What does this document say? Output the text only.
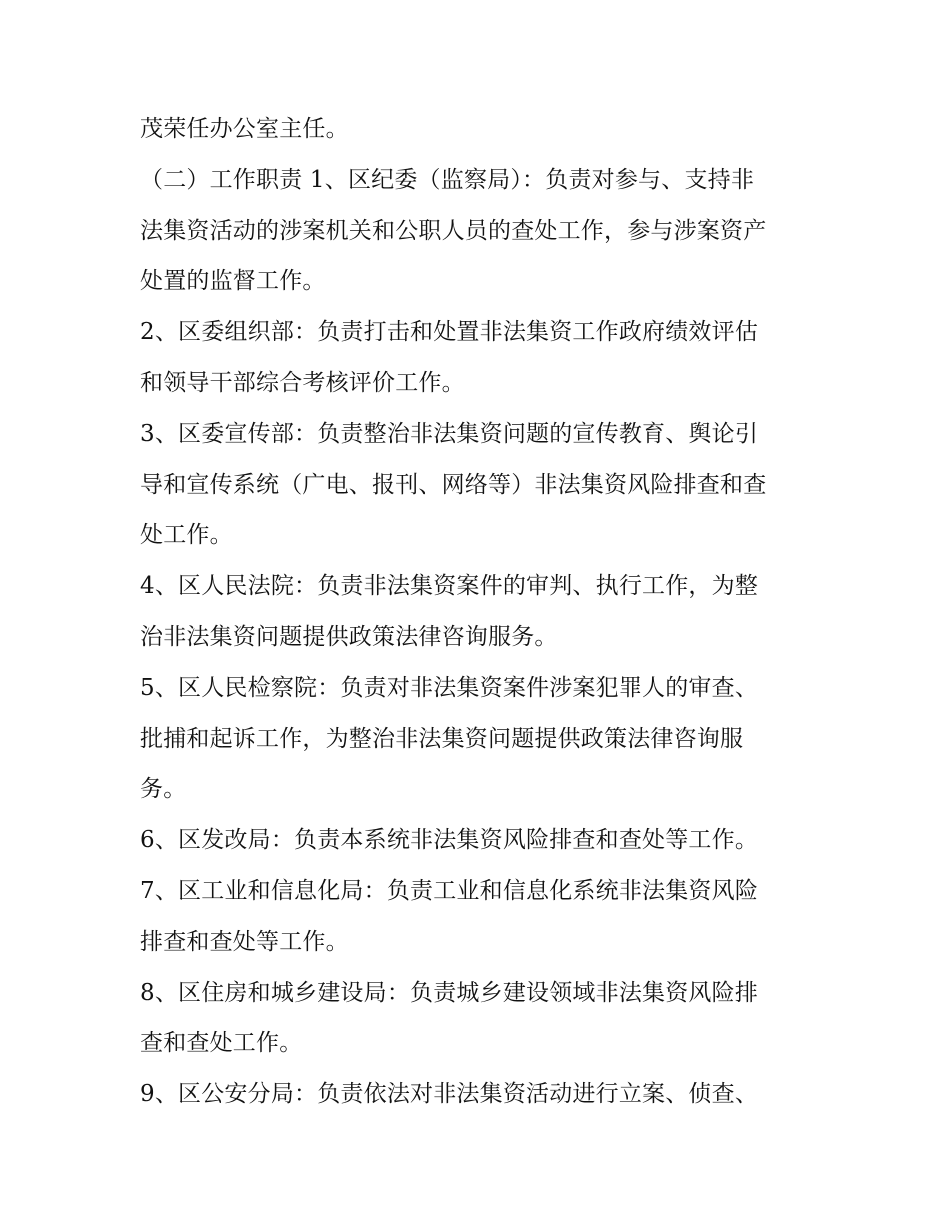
茂荣任办公室主任。
（二）工作职责 1、区纪委（监察局）：负责对参与、支持非
法集资活动的涉案机关和公职人员的查处工作，参与涉案资产
处置的监督工作。
2、区委组织部：负责打击和处置非法集资工作政府绩效评估
和领导干部综合考核评价工作。
3、区委宣传部：负责整治非法集资问题的宣传教育、舆论引
导和宣传系统（广电、报刊、网络等）非法集资风险排查和查
处工作。
4、区人民法院：负责非法集资案件的审判、执行工作，为整
治非法集资问题提供政策法律咨询服务。
5、区人民检察院：负责对非法集资案件涉案犯罪人的审查、
批捕和起诉工作，为整治非法集资问题提供政策法律咨询服
务。
6、区发改局：负责本系统非法集资风险排查和查处等工作。
7、区工业和信息化局：负责工业和信息化系统非法集资风险
排查和查处等工作。
8、区住房和城乡建设局：负责城乡建设领域非法集资风险排
查和查处工作。
9、区公安分局：负责依法对非法集资活动进行立案、侦查、
